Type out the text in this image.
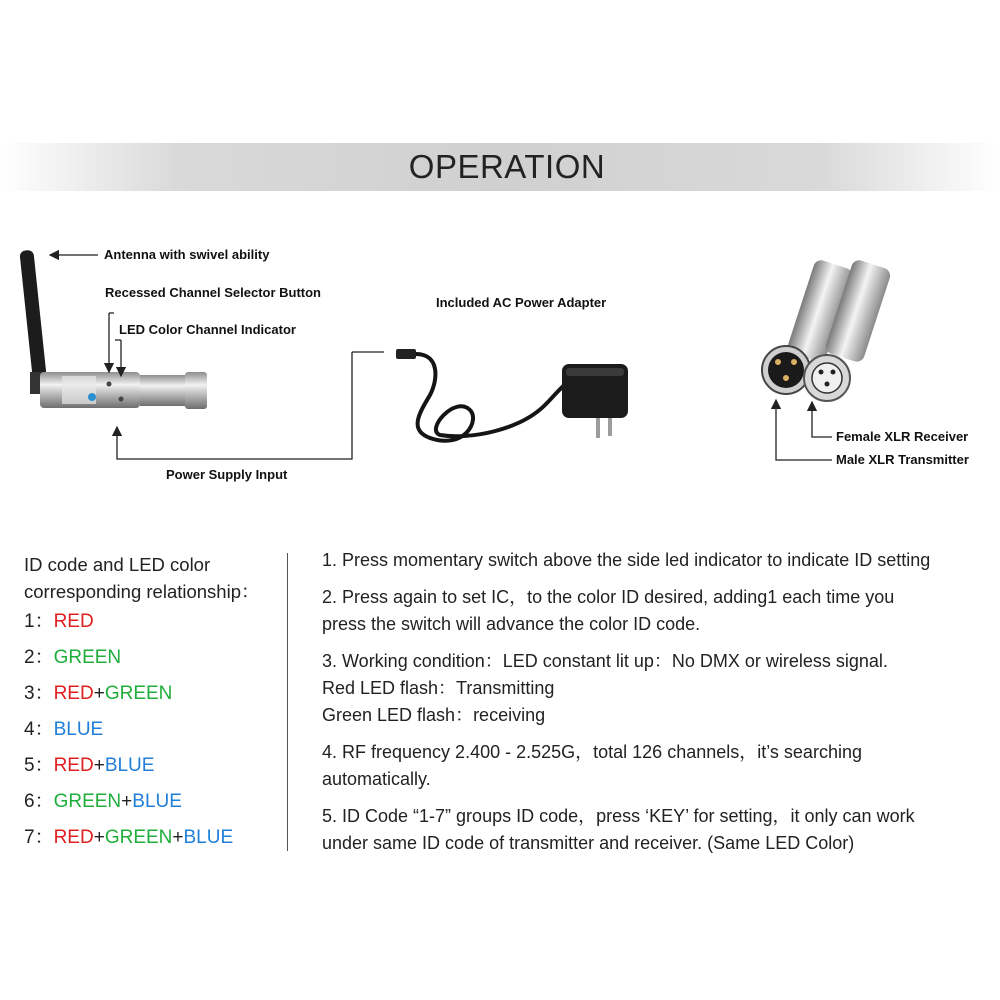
OPERATION
Antenna with swivel ability
Recessed Channel Selector Button
LED Color Channel Indicator
Included AC Power Adapter
Power Supply Input
Female XLR Receiver
Male XLR Transmitter
ID code and LED color corresponding relationship：
1：RED
2：GREEN
3：RED+GREEN
4：BLUE
5：RED+BLUE
6：GREEN+BLUE
7：RED+GREEN+BLUE
1. Press momentary switch above the side led indicator to indicate ID setting
2. Press again to set IC，to the color ID desired, adding1 each time you
press the switch will advance the color ID code.
3. Working condition：LED constant lit up：No DMX or wireless signal.
Red LED flash：Transmitting
Green LED flash：receiving
4. RF frequency 2.400 - 2.525G，total 126 channels，it’s searching
automatically.
5. ID Code “1-7” groups ID code，press ‘KEY’ for setting，it only can work
under same ID code of transmitter and receiver. (Same LED Color)
